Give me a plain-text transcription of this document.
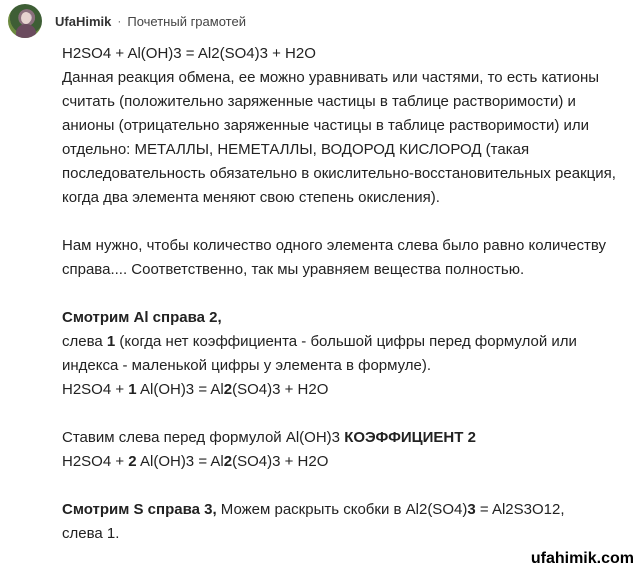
UfaHimik · Почетный грамотей

H2SO4 + Al(OH)3 = Al2(SO4)3 + H2O

Данная реакция обмена, ее можно уравнивать или частями, то есть катионы считать (положительно заряженные частицы в таблице растворимости) и анионы (отрицательно заряженные частицы в таблице растворимости) или отдельно: МЕТАЛЛЫ, НЕМЕТАЛЛЫ, ВОДОРОД КИСЛОРОД (такая последовательность обязательно в окислительно-восстановительных реакция, когда два элемента меняют свою степень окисления).

Нам нужно, чтобы количество одного элемента слева было равно количеству справа.... Соответственно, так мы уравняем вещества полностью.

Смотрим Al справа 2,

слева 1 (когда нет коэффициента - большой цифры перед формулой или индекса - маленькой цифры у элемента в формуле).

H2SO4 + 1 Al(OH)3 = Al2(SO4)3 + H2O

Ставим слева перед формулой Al(OH)3 КОЭФФИЦИЕНТ 2

H2SO4 + 2 Al(OH)3 = Al2(SO4)3 + H2O

Смотрим S справа 3, Можем раскрыть скобки в Al2(SO4)3 = Al2S3O12,

слева 1.

ufahimik.com
